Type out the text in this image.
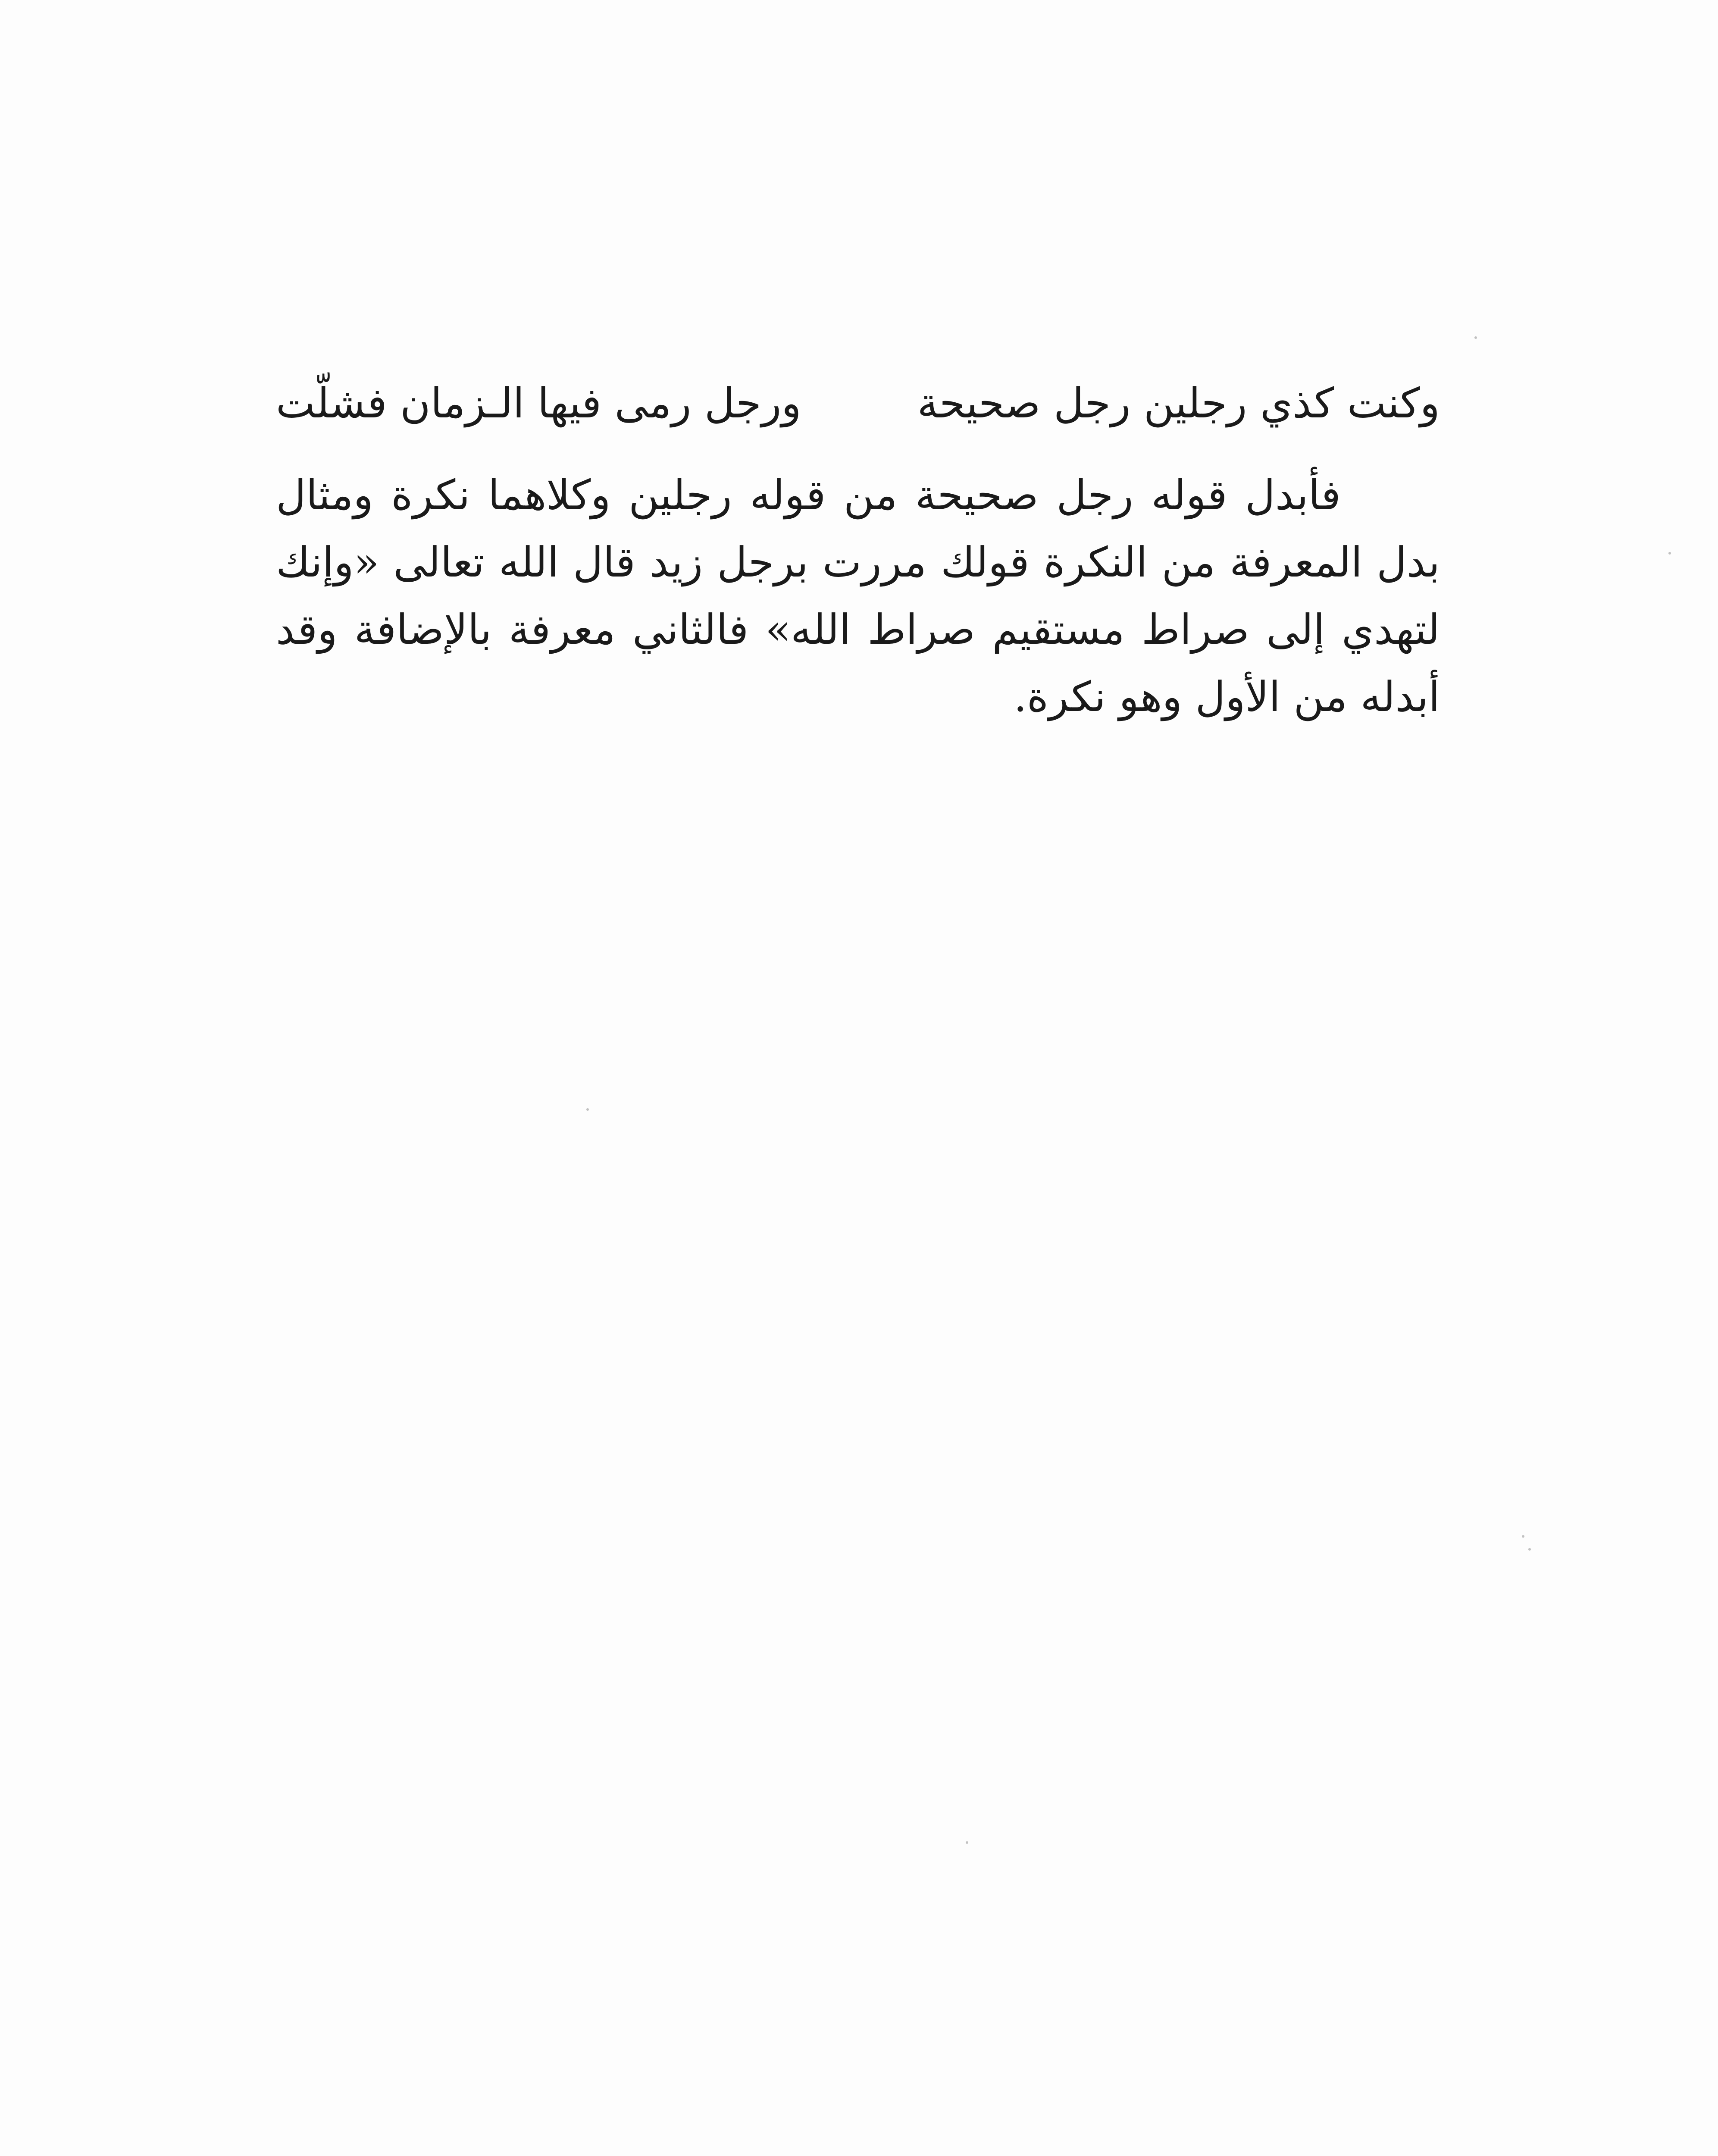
وكنت كذي رجلين رجل صحيحة
ورجل رمى فيها الـزمان فشلّت

فأبدل قوله رجل صحيحة من قوله رجلين وكلاهما نكرة ومثال بدل المعرفة من النكرة قولك مررت برجل زيد قال الله تعالى «وإنك لتهدي إلى صراط مستقيم صراط الله» فالثاني معرفة بالإضافة وقد أبدله من الأول وهو نكرة.
